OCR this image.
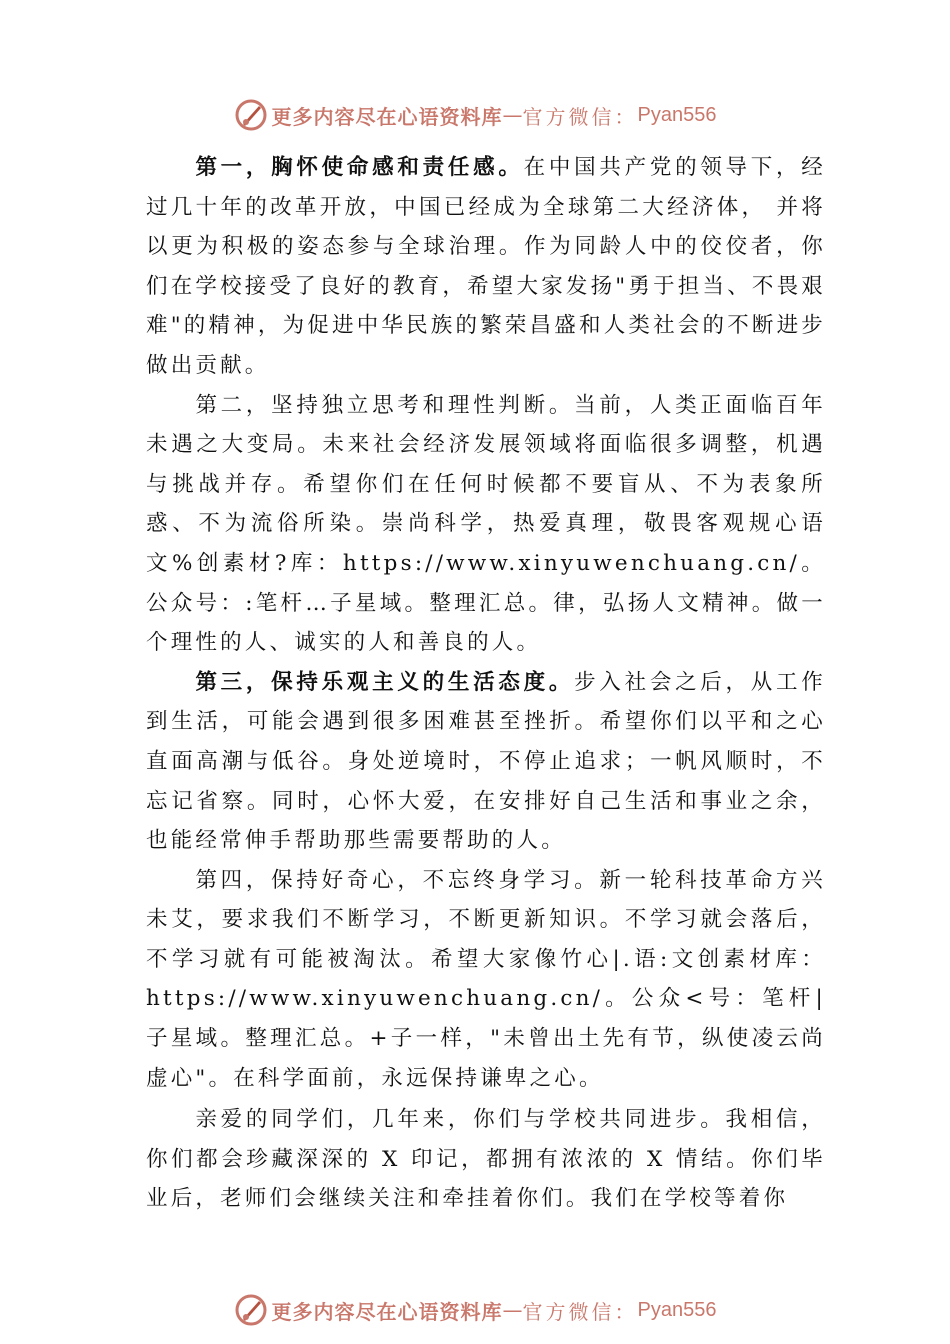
更多内容尽在心语资料库 — 官方微信： Pyan556

第一，胸怀使命感和责任感。在中国共产党的领导下，经过几十年的改革开放，中国已经成为全球第二大经济体， 并将以更为积极的姿态参与全球治理。作为同龄人中的佼佼者，你们在学校接受了良好的教育，希望大家发扬"勇于担当、不畏艰难"的精神，为促进中华民族的繁荣昌盛和人类社会的不断进步做出贡献。

第二，坚持独立思考和理性判断。当前，人类正面临百年未遇之大变局。未来社会经济发展领域将面临很多调整，机遇与挑战并存。希望你们在任何时候都不要盲从、不为表象所惑、不为流俗所染。崇尚科学，热爱真理，敬畏客观规心语文%创素材?库：https://www.xinyuwenchuang.cn/。公众号：:笔杆…子星域。整理汇总。律，弘扬人文精神。做一个理性的人、诚实的人和善良的人。

第三，保持乐观主义的生活态度。步入社会之后，从工作到生活，可能会遇到很多困难甚至挫折。希望你们以平和之心直面高潮与低谷。身处逆境时，不停止追求；一帆风顺时，不忘记省察。同时，心怀大爱，在安排好自己生活和事业之余，也能经常伸手帮助那些需要帮助的人。

第四，保持好奇心，不忘终身学习。新一轮科技革命方兴未艾，要求我们不断学习，不断更新知识。不学习就会落后，不学习就有可能被淘汰。希望大家像竹心|.语:文创素材库：https://www.xinyuwenchuang.cn/。公众<号：笔杆|子星域。整理汇总。+子一样，"未曾出土先有节，纵使凌云尚虚心"。在科学面前，永远保持谦卑之心。

亲爱的同学们，几年来，你们与学校共同进步。我相信，你们都会珍藏深深的 X 印记，都拥有浓浓的 X 情结。你们毕业后，老师们会继续关注和牵挂着你们。我们在学校等着你

更多内容尽在心语资料库 — 官方微信： Pyan556
